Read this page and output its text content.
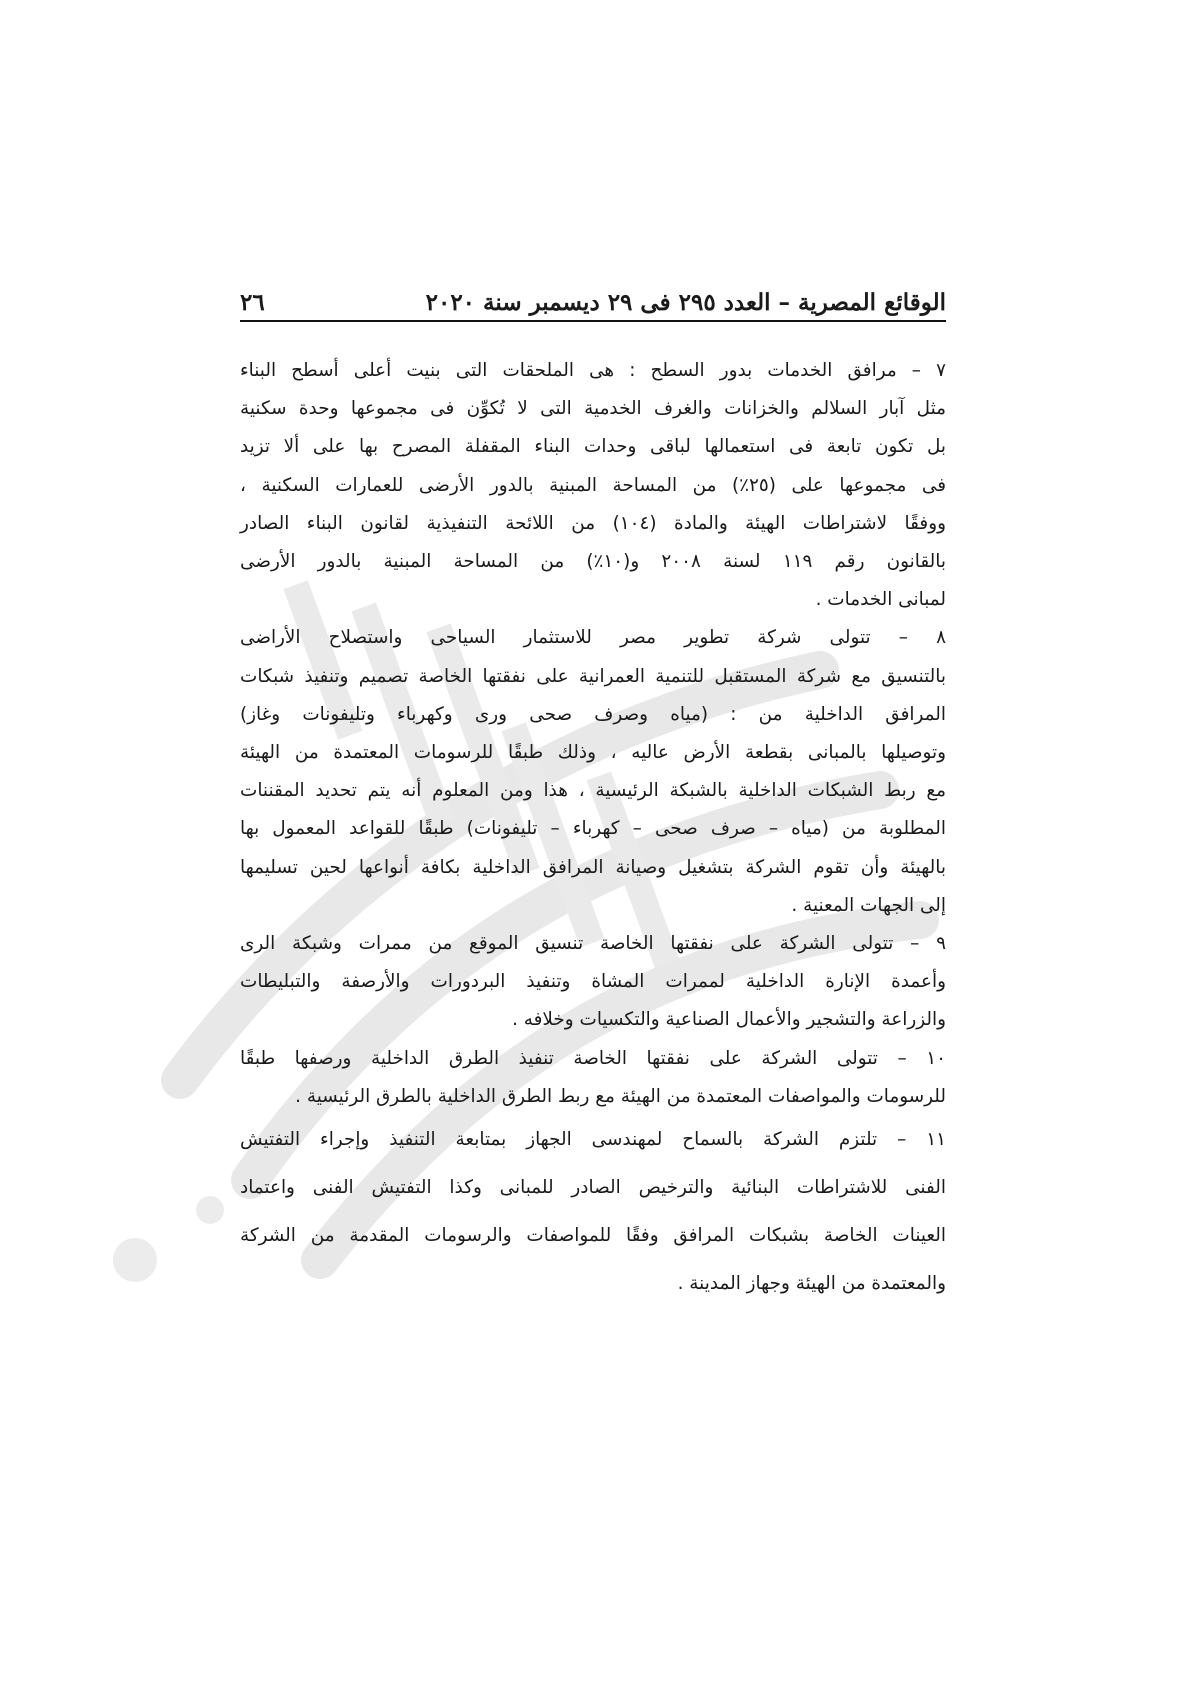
الوقائع المصرية – العدد ٢٩٥ فى ٢٩ ديسمبر سنة ٢٠٢٠
٢٦
٧ – مرافق الخدمات بدور السطح : هى الملحقات التى بنيت أعلى أسطح البناء
مثل آبار السلالم والخزانات والغرف الخدمية التى لا تُكوِّن فى مجموعها وحدة سكنية
بل تكون تابعة فى استعمالها لباقى وحدات البناء المقفلة المصرح بها على ألا تزيد
فى مجموعها على (٢٥٪) من المساحة المبنية بالدور الأرضى للعمارات السكنية ،
ووفقًا لاشتراطات الهيئة والمادة (١٠٤) من اللائحة التنفيذية لقانون البناء الصادر
بالقانون رقم ١١٩ لسنة ٢٠٠٨ و(١٠٪) من المساحة المبنية بالدور الأرضى
لمبانى الخدمات .
٨ – تتولى شركة تطوير مصر للاستثمار السياحى واستصلاح الأراضى
بالتنسيق مع شركة المستقبل للتنمية العمرانية على نفقتها الخاصة تصميم وتنفيذ شبكات
المرافق الداخلية من : (مياه وصرف صحى ورى وكهرباء وتليفونات وغاز)
وتوصيلها بالمبانى بقطعة الأرض عاليه ، وذلك طبقًا للرسومات المعتمدة من الهيئة
مع ربط الشبكات الداخلية بالشبكة الرئيسية ، هذا ومن المعلوم أنه يتم تحديد المقننات
المطلوبة من (مياه – صرف صحى – كهرباء – تليفونات) طبقًا للقواعد المعمول بها
بالهيئة وأن تقوم الشركة بتشغيل وصيانة المرافق الداخلية بكافة أنواعها لحين تسليمها
إلى الجهات المعنية .
٩ – تتولى الشركة على نفقتها الخاصة تنسيق الموقع من ممرات وشبكة الرى
وأعمدة الإنارة الداخلية لممرات المشاة وتنفيذ البردورات والأرصفة والتبليطات
والزراعة والتشجير والأعمال الصناعية والتكسيات وخلافه .
١٠ – تتولى الشركة على نفقتها الخاصة تنفيذ الطرق الداخلية ورصفها طبقًا
للرسومات والمواصفات المعتمدة من الهيئة مع ربط الطرق الداخلية بالطرق الرئيسية .
١١ – تلتزم الشركة بالسماح لمهندسى الجهاز بمتابعة التنفيذ وإجراء التفتيش
الفنى للاشتراطات البنائية والترخيص الصادر للمبانى وكذا التفتيش الفنى واعتماد
العينات الخاصة بشبكات المرافق وفقًا للمواصفات والرسومات المقدمة من الشركة
والمعتمدة من الهيئة وجهاز المدينة .
